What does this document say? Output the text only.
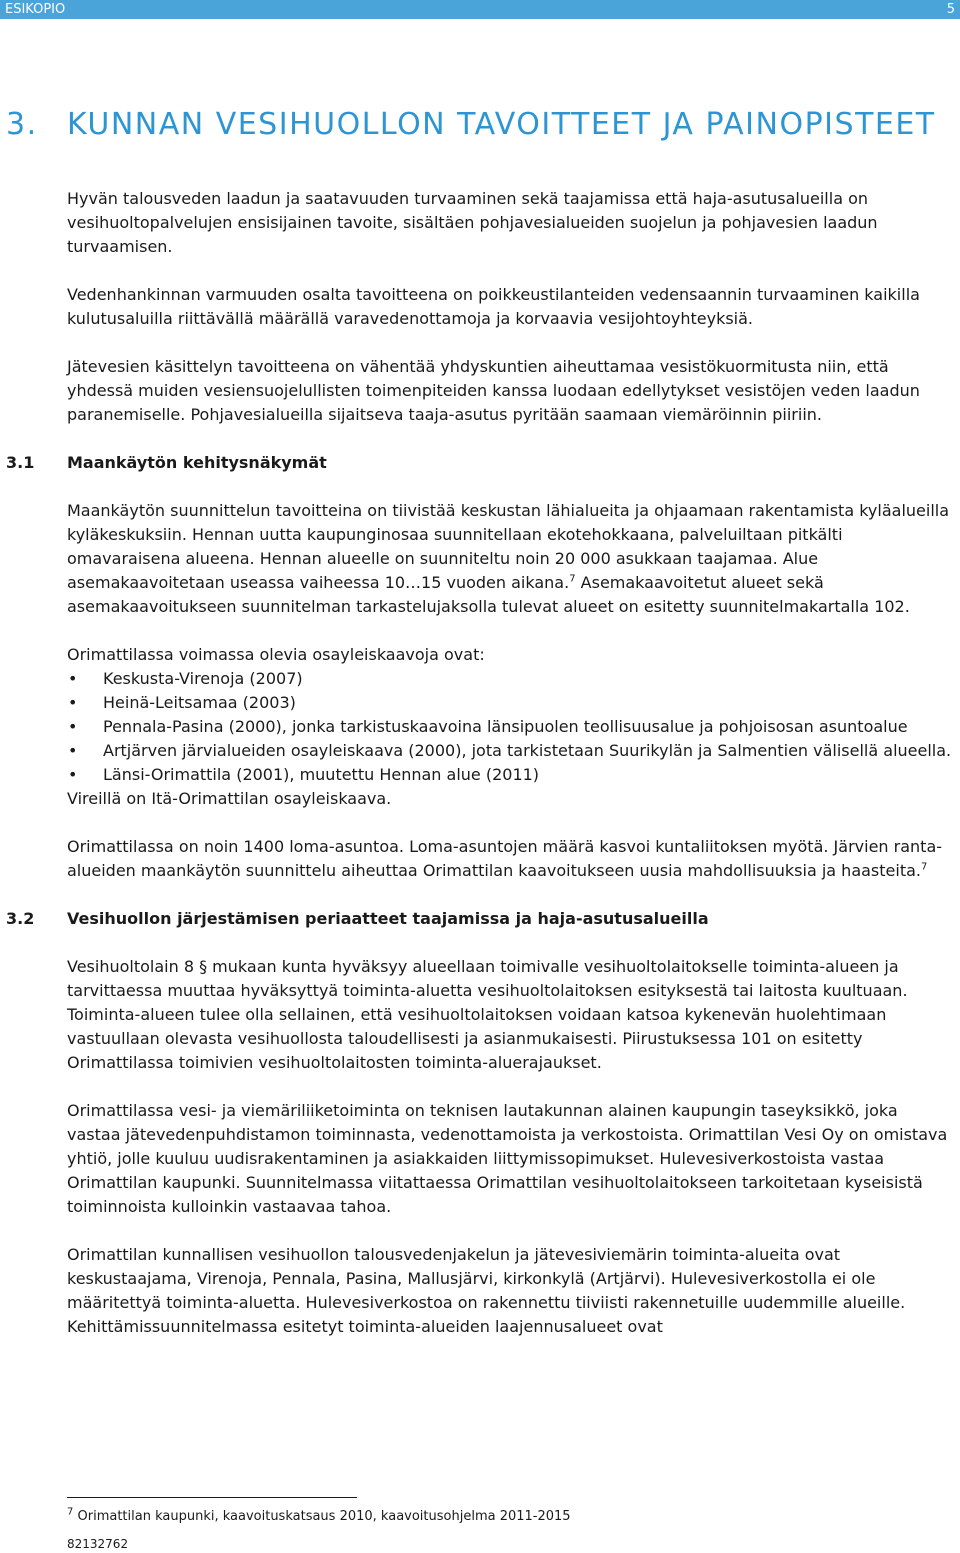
ESIKOPIO	5
3. KUNNAN VESIHUOLLON TAVOITTEET JA PAINOPISTEET

Hyvän talousveden laadun ja saatavuuden turvaaminen sekä taajamissa että haja-asutusalueilla on vesihuoltopalvelujen ensisijainen tavoite, sisältäen pohjavesialueiden suojelun ja pohjavesien laadun turvaamisen.

Vedenhankinnan varmuuden osalta tavoitteena on poikkeustilanteiden vedensaannin turvaaminen kaikilla kulutusaluilla riittävällä määrällä varavedenottamoja ja korvaavia vesijohtoyhteyksiä.

Jätevesien käsittelyn tavoitteena on vähentää yhdyskuntien aiheuttamaa vesistökuormitusta niin, että yhdessä muiden vesiensuojelullisten toimenpiteiden kanssa luodaan edellytykset vesistöjen veden laadun paranemiselle. Pohjavesialueilla sijaitseva taaja-asutus pyritään saamaan viemäröinnin piiriin.

3.1 Maankäytön kehitysnäkymät

Maankäytön suunnittelun tavoitteina on tiivistää keskustan lähialueita ja ohjaamaan rakentamista kyläalueilla kyläkeskuksiin. Hennan uutta kaupunginosaa suunnitellaan ekotehokkaana, palveluiltaan pitkälti omavaraisena alueena. Hennan alueelle on suunniteltu noin 20 000 asukkaan taajamaa. Alue asemakaavoitetaan useassa vaiheessa 10…15 vuoden aikana.$^7$ Asemakaavoitetut alueet sekä asemakaavoitukseen suunnitelman tarkastelujaksolla tulevat alueet on esitetty suunnitelmakartalla 102.

Orimattilassa voimassa olevia osayleiskaavoja ovat:

• Keskusta-Virenoja (2007)
• Heinä-Leitsamaa (2003)
• Pennala-Pasina (2000), jonka tarkistuskaavoina länsipuolen teollisuusalue ja pohjoisosan asuntoalue
• Artjärven järvialueiden osayleiskaava (2000), jota tarkistetaan Suurikylän ja Salmentien välisellä alueella.
• Länsi-Orimattila (2001), muutettu Hennan alue (2011)

Vireillä on Itä-Orimattilan osayleiskaava.

Orimattilassa on noin 1400 loma-asuntoa. Loma-asuntojen määrä kasvoi kuntaliitoksen myötä. Järvien ranta-alueiden maankäytön suunnittelu aiheuttaa Orimattilan kaavoitukseen uusia mahdollisuuksia ja haasteita.$^7$

3.2 Vesihuollon järjestämisen periaatteet taajamissa ja haja-asutusalueilla

Vesihuoltolain 8 § mukaan kunta hyväksyy alueellaan toimivalle vesihuoltolaitokselle toiminta-alueen ja tarvittaessa muuttaa hyväksyttyä toiminta-aluetta vesihuoltolaitoksen esityksestä tai laitosta kuultuaan. Toiminta-alueen tulee olla sellainen, että vesihuoltolaitoksen voidaan katsoa kykenevän huolehtimaan vastuullaan olevasta vesihuollosta taloudellisesti ja asianmukaisesti. Piirustuksessa 101 on esitetty Orimattilassa toimivien vesihuoltolaitosten toiminta-aluerajaukset.

Orimattilassa vesi- ja viemäriliiketoiminta on teknisen lautakunnan alainen kaupungin taseyksikkö, joka vastaa jätevedenpuhdistamon toiminnasta, vedenottamoista ja verkostoista. Orimattilan Vesi Oy on omistava yhtiö, jolle kuuluu uudisrakentaminen ja asiakkaiden liittymissopimukset. Hulevesiverkostoista vastaa Orimattilan kaupunki. Suunnitelmassa viitattaessa Orimattilan vesihuoltolaitokseen tarkoitetaan kyseisistä toiminnoista kulloinkin vastaavaa tahoa.

Orimattilan kunnallisen vesihuollon talousvedenjakelun ja jätevesiviemärin toiminta-alueita ovat keskustaajama, Virenoja, Pennala, Pasina, Mallusjärvi, kirkonkylä (Artjärvi). Hulevesiverkostolla ei ole määritettyä toiminta-aluetta. Hulevesiverkostoa on rakennettu tiiviisti rakennetuille uudemmille alueille. Kehittämissuunnitelmassa esitetyt toiminta-alueiden laajennusalueet ovat

$^7$ Orimattilan kaupunki, kaavoituskatsaus 2010, kaavoitusohjelma 2011-2015
82132762
